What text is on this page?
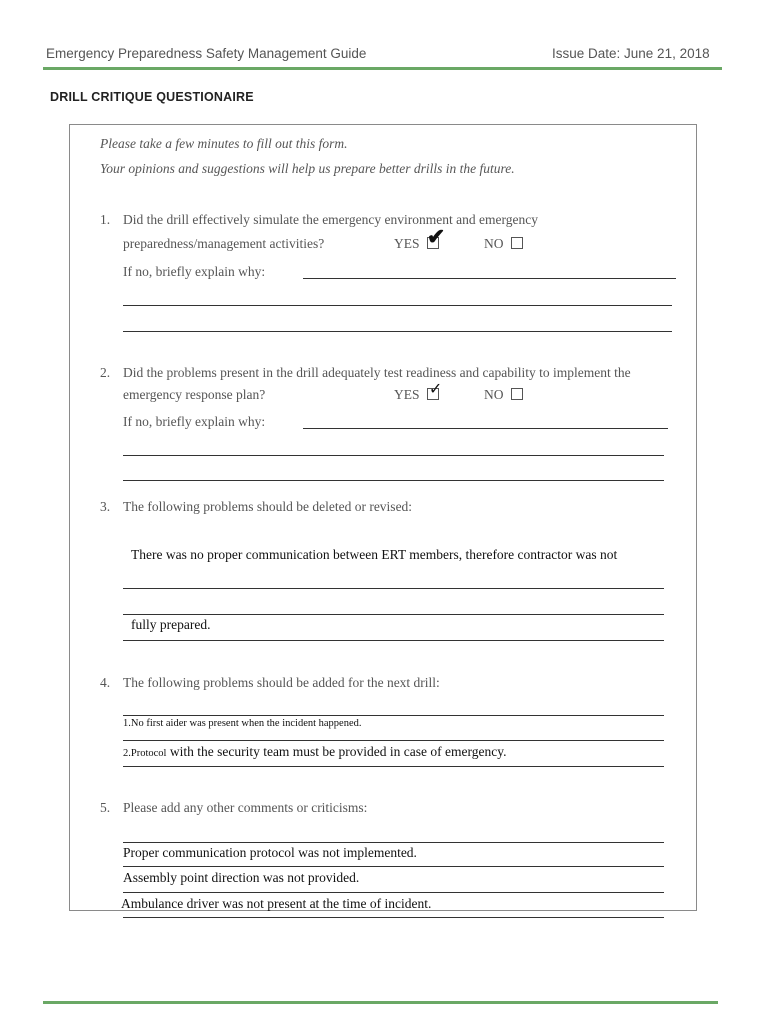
Emergency Preparedness Safety Management Guide	Issue Date: June 21, 2018
DRILL CRITIQUE QUESTIONAIRE
Please take a few minutes to fill out this form.
Your opinions and suggestions will help us prepare better drills in the future.
1. Did the drill effectively simulate the emergency environment and emergency
preparedness/management activities?	YES ✔	NO
If no, briefly explain why:
2. Did the problems present in the drill adequately test readiness and capability to implement the
emergency response plan?	YES ✓	NO
If no, briefly explain why:
3. The following problems should be deleted or revised:
There was no proper communication between ERT members, therefore contractor was not
fully prepared.
4. The following problems should be added for the next drill:
1.No first aider was present when the incident happened.
2.Protocol with the security team must be provided in case of emergency.
5. Please add any other comments or criticisms:
Proper communication protocol was not implemented.
Assembly point direction was not provided.
Ambulance driver was not present at the time of incident.
